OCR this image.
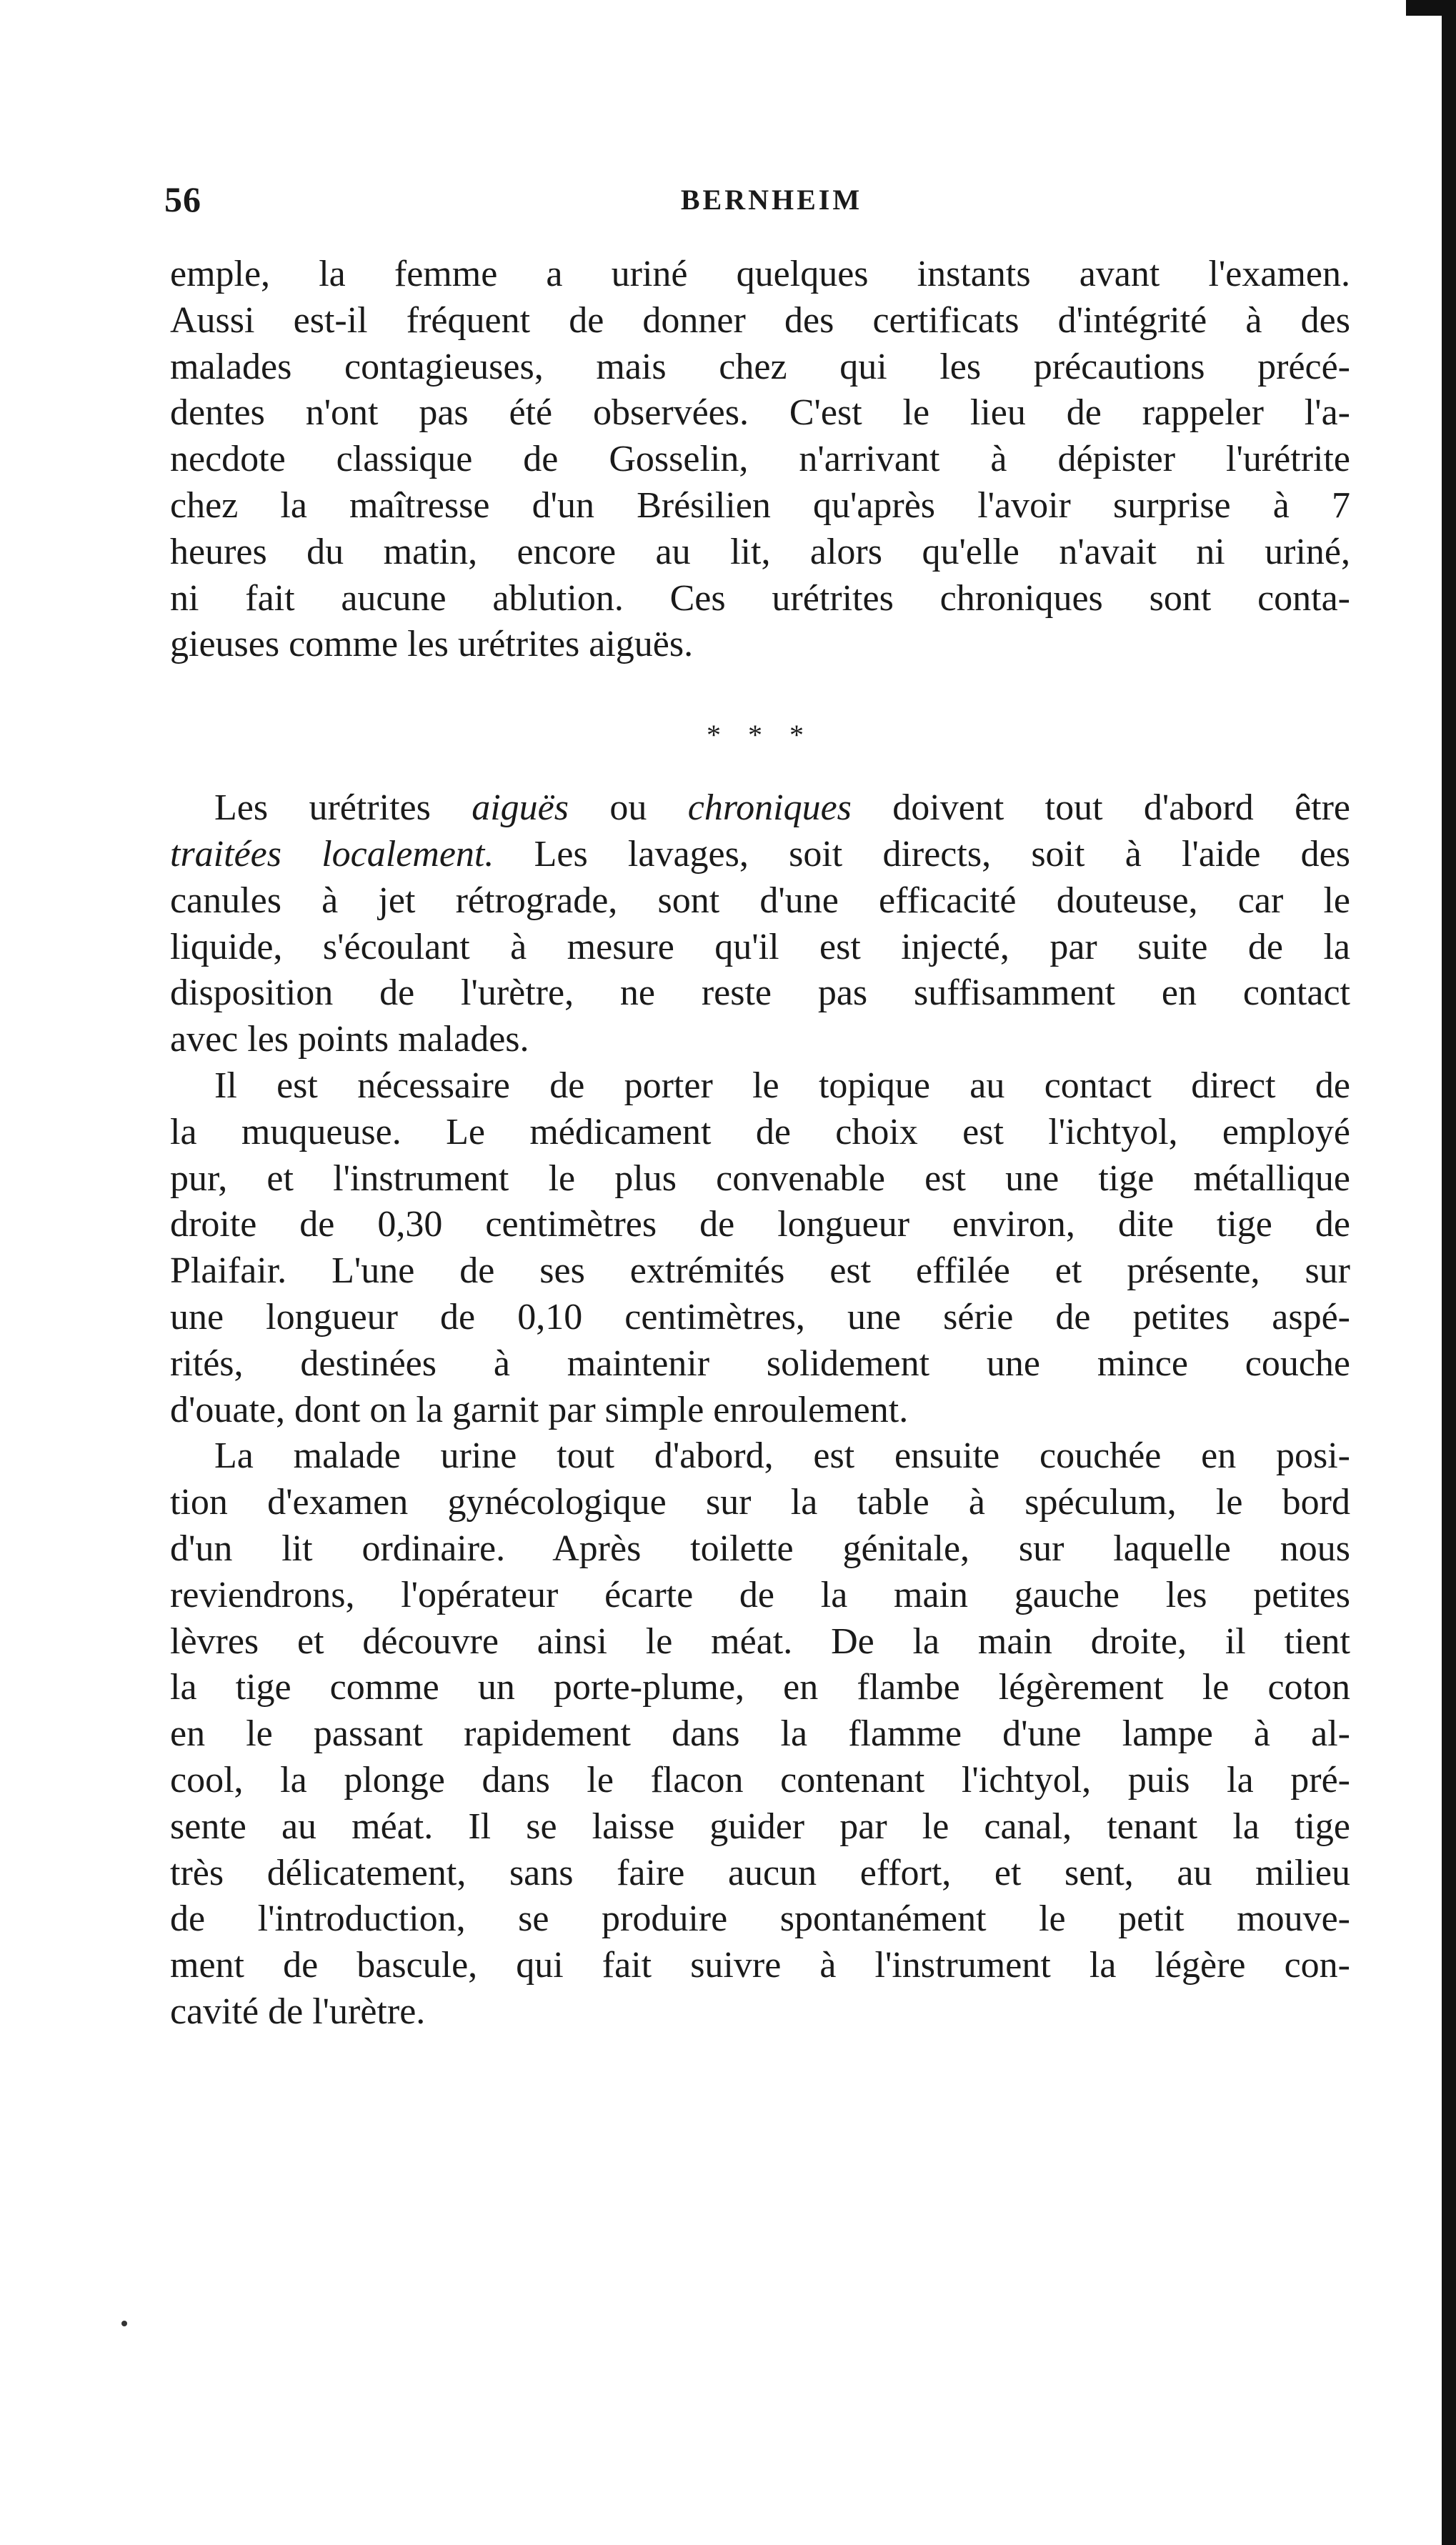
56	BERNHEIM

emple, la femme a uriné quelques instants avant l'examen.
Aussi est-il fréquent de donner des certificats d'intégrité à des
malades contagieuses, mais chez qui les précautions précé-
dentes n'ont pas été observées. C'est le lieu de rappeler l'a-
necdote classique de Gosselin, n'arrivant à dépister l'urétrite
chez la maîtresse d'un Brésilien qu'après l'avoir surprise à 7
heures du matin, encore au lit, alors qu'elle n'avait ni uriné,
ni fait aucune ablution. Ces urétrites chroniques sont conta-
gieuses comme les urétrites aiguës.

* * *

Les urétrites aiguës ou chroniques doivent tout d'abord être
traitées localement. Les lavages, soit directs, soit à l'aide des
canules à jet rétrograde, sont d'une efficacité douteuse, car le
liquide, s'écoulant à mesure qu'il est injecté, par suite de la
disposition de l'urètre, ne reste pas suffisamment en contact
avec les points malades.

Il est nécessaire de porter le topique au contact direct de
la muqueuse. Le médicament de choix est l'ichtyol, employé
pur, et l'instrument le plus convenable est une tige métallique
droite de 0,30 centimètres de longueur environ, dite tige de
Plaifair. L'une de ses extrémités est effilée et présente, sur
une longueur de 0,10 centimètres, une série de petites aspé-
rités, destinées à maintenir solidement une mince couche
d'ouate, dont on la garnit par simple enroulement.

La malade urine tout d'abord, est ensuite couchée en posi-
tion d'examen gynécologique sur la table à spéculum, le bord
d'un lit ordinaire. Après toilette génitale, sur laquelle nous
reviendrons, l'opérateur écarte de la main gauche les petites
lèvres et découvre ainsi le méat. De la main droite, il tient
la tige comme un porte-plume, en flambe légèrement le coton
en le passant rapidement dans la flamme d'une lampe à al-
cool, la plonge dans le flacon contenant l'ichtyol, puis la pré-
sente au méat. Il se laisse guider par le canal, tenant la tige
très délicatement, sans faire aucun effort, et sent, au milieu
de l'introduction, se produire spontanément le petit mouve-
ment de bascule, qui fait suivre à l'instrument la légère con-
cavité de l'urètre.
